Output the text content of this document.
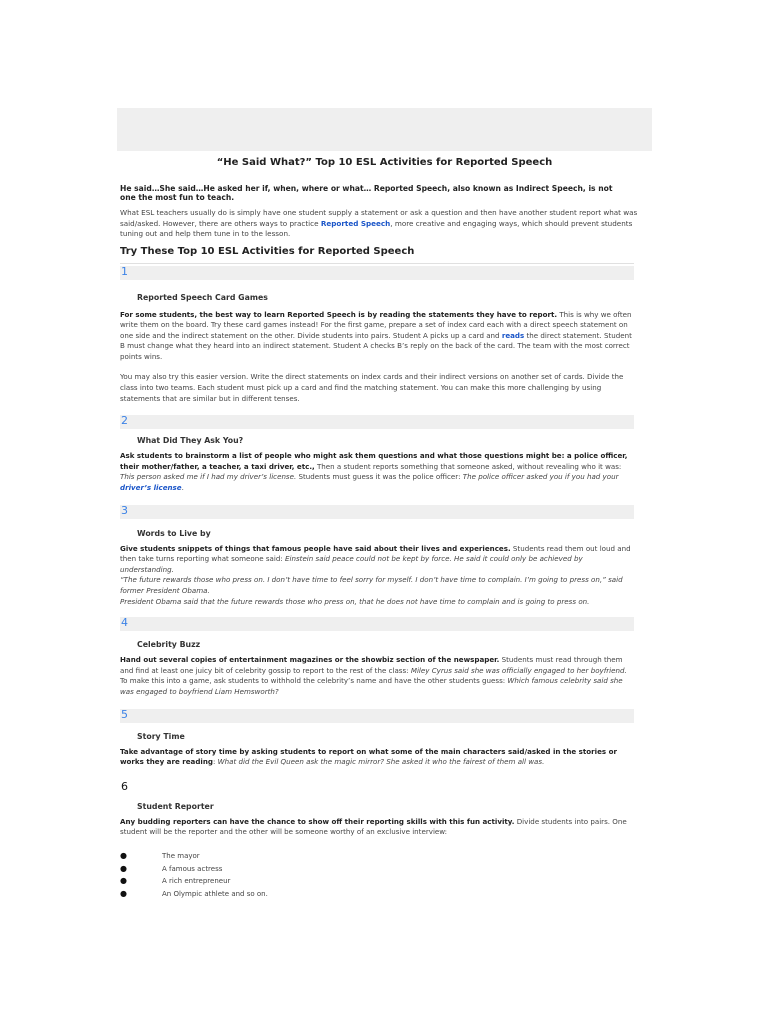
“He Said What?” Top 10 ESL Activities for Reported Speech
He said…She said…He asked her if, when, where or what… Reported Speech, also known as Indirect Speech, is not one the most fun to teach.
What ESL teachers usually do is simply have one student supply a statement or ask a question and then have another student report what was said/asked. However, there are others ways to practice Reported Speech, more creative and engaging ways, which should prevent students tuning out and help them tune in to the lesson.
Try These Top 10 ESL Activities for Reported Speech
1
Reported Speech Card Games
For some students, the best way to learn Reported Speech is by reading the statements they have to report. This is why we often write them on the board. Try these card games instead! For the first game, prepare a set of index card each with a direct speech statement on one side and the indirect statement on the other. Divide students into pairs. Student A picks up a card and reads the direct statement. Student B must change what they heard into an indirect statement. Student A checks B’s reply on the back of the card. The team with the most correct points wins.
You may also try this easier version. Write the direct statements on index cards and their indirect versions on another set of cards. Divide the class into two teams. Each student must pick up a card and find the matching statement. You can make this more challenging by using statements that are similar but in different tenses.
2
What Did They Ask You?
Ask students to brainstorm a list of people who might ask them questions and what those questions might be: a police officer, their mother/father, a teacher, a taxi driver, etc., Then a student reports something that someone asked, without revealing who it was: This person asked me if I had my driver’s license. Students must guess it was the police officer: The police officer asked you if you had your driver’s license.
3
Words to Live by
Give students snippets of things that famous people have said about their lives and experiences. Students read them out loud and then take turns reporting what someone said: Einstein said peace could not be kept by force. He said it could only be achieved by understanding.
“The future rewards those who press on. I don’t have time to feel sorry for myself. I don’t have time to complain. I’m going to press on,” said former President Obama.
President Obama said that the future rewards those who press on, that he does not have time to complain and is going to press on.
4
Celebrity Buzz
Hand out several copies of entertainment magazines or the showbiz section of the newspaper. Students must read through them and find at least one juicy bit of celebrity gossip to report to the rest of the class: Miley Cyrus said she was officially engaged to her boyfriend. To make this into a game, ask students to withhold the celebrity’s name and have the other students guess: Which famous celebrity said she was engaged to boyfriend Liam Hemsworth?
5
Story Time
Take advantage of story time by asking students to report on what some of the main characters said/asked in the stories or works they are reading: What did the Evil Queen ask the magic mirror? She asked it who the fairest of them all was.
6
Student Reporter
Any budding reporters can have the chance to show off their reporting skills with this fun activity. Divide students into pairs. One student will be the reporter and the other will be someone worthy of an exclusive interview:
●	The mayor
●	A famous actress
●	A rich entrepreneur
●	An Olympic athlete and so on.
